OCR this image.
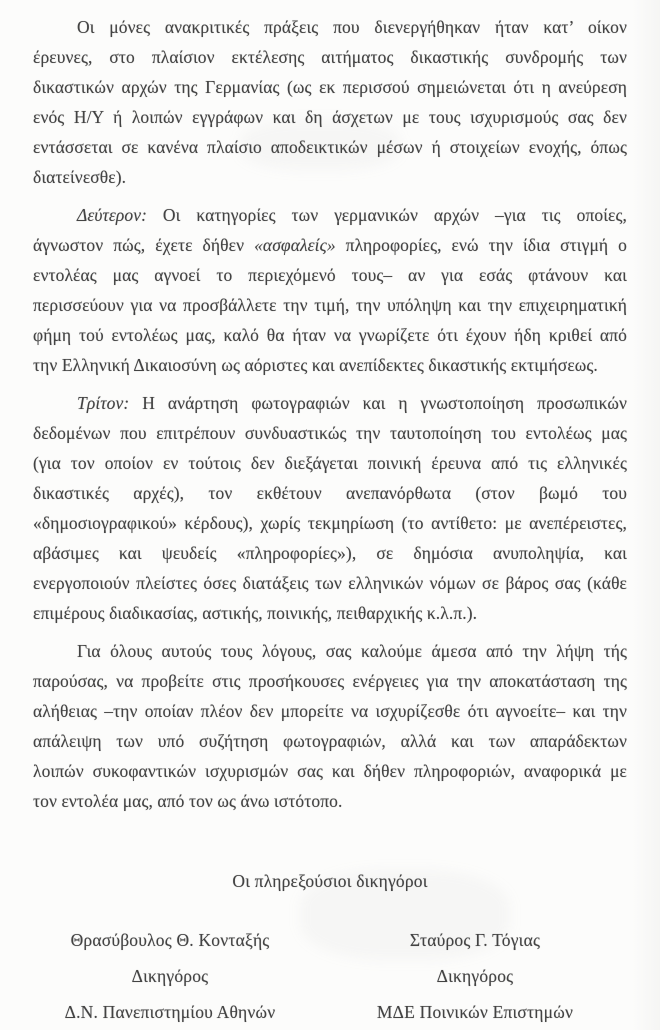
Οι μόνες ανακριτικές πράξεις που διενεργήθηκαν ήταν κατ’ οίκον

έρευνες, στο πλαίσιον εκτέλεσης αιτήματος δικαστικής συνδρομής των

δικαστικών αρχών της Γερμανίας (ως εκ περισσού σημειώνεται ότι η ανεύρεση

ενός Η/Υ ή λοιπών εγγράφων και δη άσχετων με τους ισχυρισμούς σας δεν

εντάσσεται σε κανένα πλαίσιο αποδεικτικών μέσων ή στοιχείων ενοχής, όπως

διατείνεσθε).

Δεύτερον: Οι κατηγορίες των γερμανικών αρχών –για τις οποίες,

άγνωστον πώς, έχετε δήθεν «ασφαλείς» πληροφορίες, ενώ την ίδια στιγμή ο

εντολέας μας αγνοεί το περιεχόμενό τους– αν για εσάς φτάνουν και

περισσεύουν για να προσβάλλετε την τιμή, την υπόληψη και την επιχειρηματική

φήμη τού εντολέως μας, καλό θα ήταν να γνωρίζετε ότι έχουν ήδη κριθεί από

την Ελληνική Δικαιοσύνη ως αόριστες και ανεπίδεκτες δικαστικής εκτιμήσεως.

Τρίτον: Η ανάρτηση φωτογραφιών και η γνωστοποίηση προσωπικών

δεδομένων που επιτρέπουν συνδυαστικώς την ταυτοποίηση του εντολέως μας

(για τον οποίον εν τούτοις δεν διεξάγεται ποινική έρευνα από τις ελληνικές

δικαστικές αρχές), τον εκθέτουν ανεπανόρθωτα (στον βωμό του

«δημοσιογραφικού» κέρδους), χωρίς τεκμηρίωση (το αντίθετο: με ανεπέρειστες,

αβάσιμες και ψευδείς «πληροφορίες»), σε δημόσια ανυποληψία, και

ενεργοποιούν πλείστες όσες διατάξεις των ελληνικών νόμων σε βάρος σας (κάθε

επιμέρους διαδικασίας, αστικής, ποινικής, πειθαρχικής κ.λ.π.).

Για όλους αυτούς τους λόγους, σας καλούμε άμεσα από την λήψη τής

παρούσας, να προβείτε στις προσήκουσες ενέργειες για την αποκατάσταση της

αλήθειας –την οποίαν πλέον δεν μπορείτε να ισχυρίζεσθε ότι αγνοείτε– και την

απάλειψη των υπό συζήτηση φωτογραφιών, αλλά και των απαράδεκτων

λοιπών συκοφαντικών ισχυρισμών σας και δήθεν πληροφοριών, αναφορικά με

τον εντολέα μας, από τον ως άνω ιστότοπο.

Οι πληρεξούσιοι δικηγόροι
Θρασύβουλος Θ. Κονταξής
Δικηγόρος
Δ.Ν. Πανεπιστημίου Αθηνών
Σταύρος Γ. Τόγιας
Δικηγόρος
ΜΔΕ Ποινικών Επιστημών
